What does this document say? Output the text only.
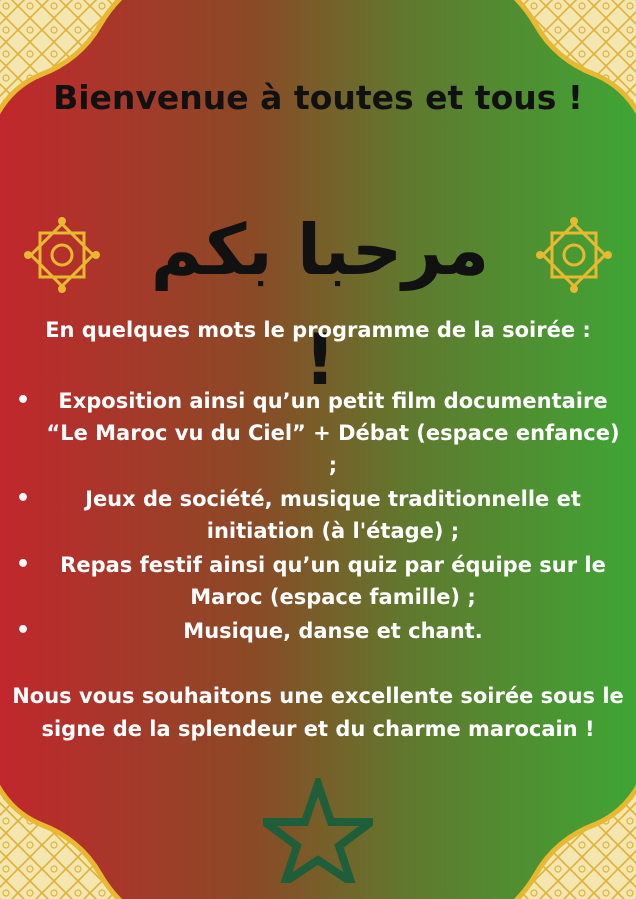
Bienvenue à toutes et tous !
مرحبا بكم !

En quelques mots le programme de la soirée :

• Exposition ainsi qu’un petit film documentaire “Le Maroc vu du Ciel” + Débat (espace enfance) ;
•	Jeux de société, musique traditionnelle et initiation (à l'étage) ;
• Repas festif ainsi qu’un quiz par équipe sur le Maroc (espace famille) ;
•	Musique, danse et chant.

Nous vous souhaitons une excellente soirée sous le signe de la splendeur et du charme marocain !
